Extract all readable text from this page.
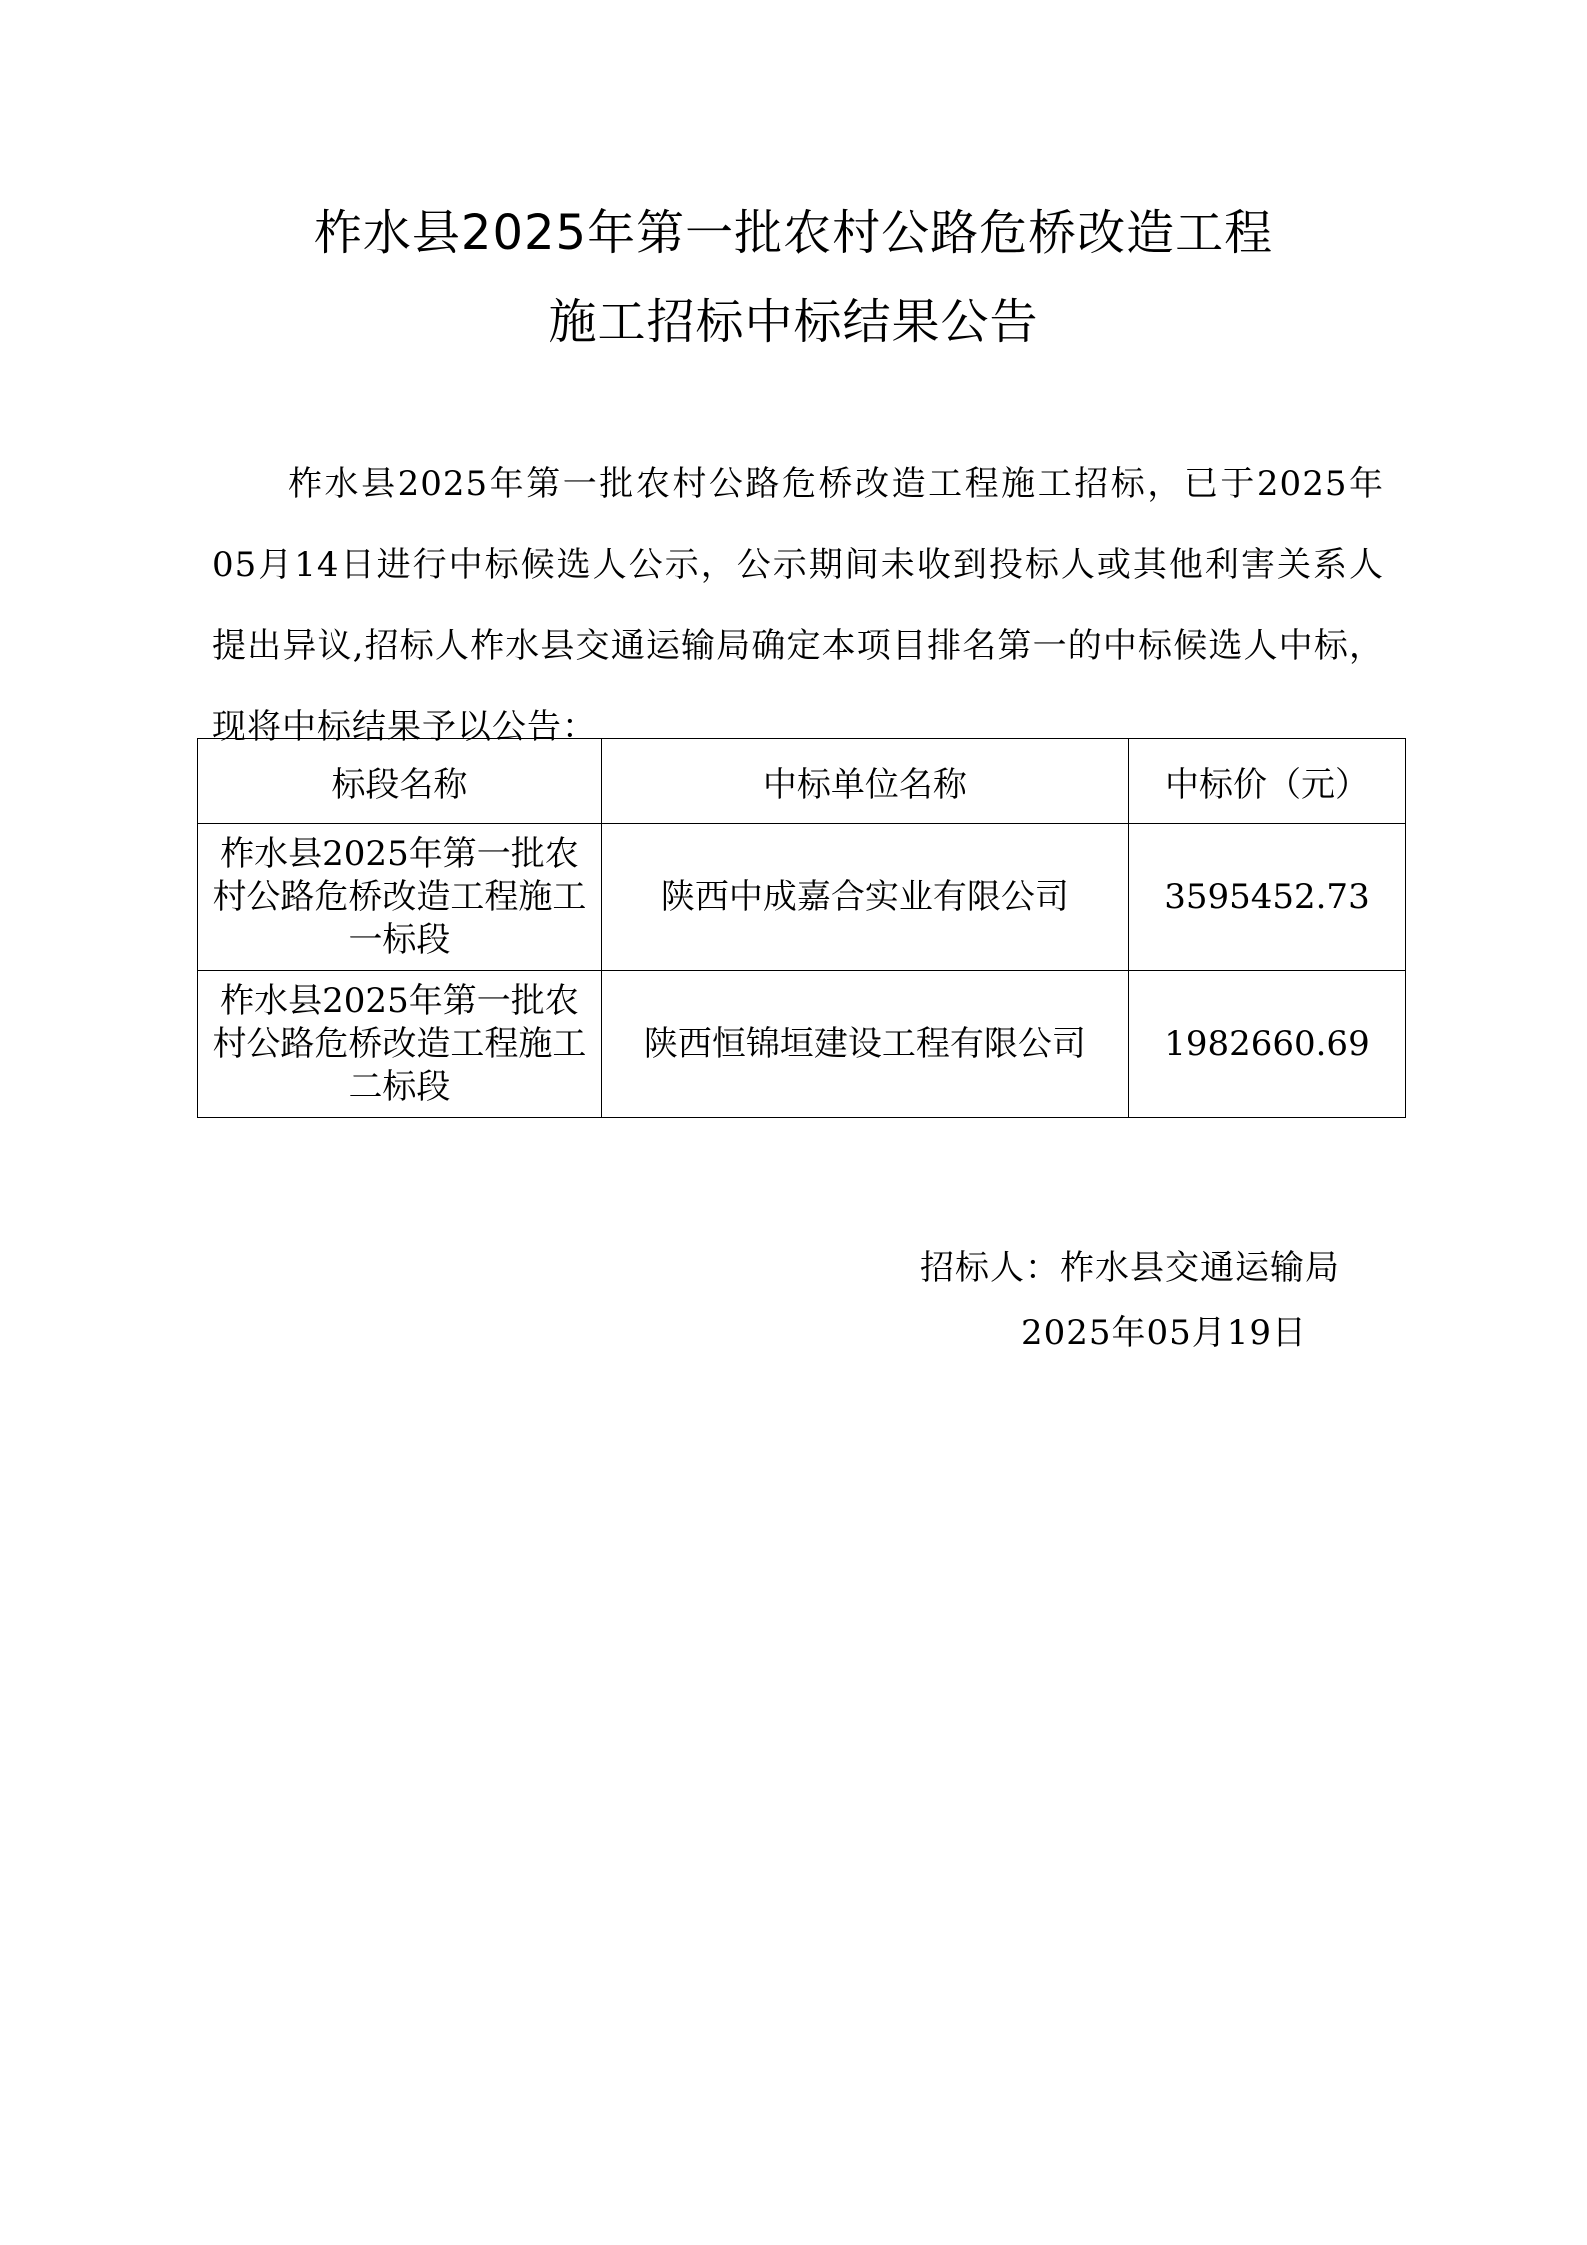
柞水县2025年第一批农村公路危桥改造工程
施工招标中标结果公告

柞水县2025年第一批农村公路危桥改造工程施工招标，已于2025年05月14日进行中标候选人公示，公示期间未收到投标人或其他利害关系人提出异议,招标人柞水县交通运输局确定本项目排名第一的中标候选人中标，现将中标结果予以公告：

标段名称	中标单位名称	中标价（元）
柞水县2025年第一批农村公路危桥改造工程施工一标段	陕西中成嘉合实业有限公司	3595452.73
柞水县2025年第一批农村公路危桥改造工程施工二标段	陕西恒锦垣建设工程有限公司	1982660.69
招标人：柞水县交通运输局
2025年05月19日
